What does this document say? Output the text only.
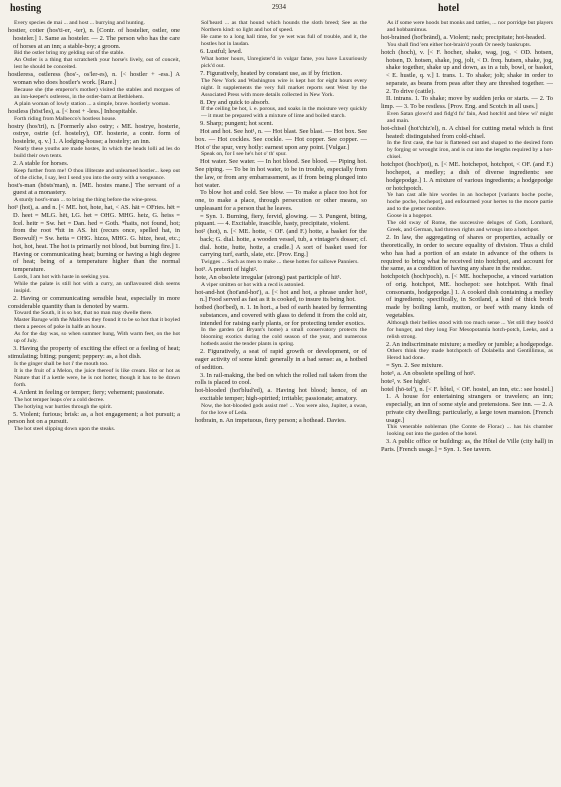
hosting	2934	hotel

Every species de mai ... and host ... burrying and hunting.

hostier, cotier (hos'ti-er, -ter), n. [Contr. of hostelier, ostler, one hosteler.] 1. Same as hosteler. — 2. The person who has the care of horses at an inn; a stable-boy; a groom.

Bid the ostler bring my gelding out of the stable.

An Ostler is a thing that scratcheth your horse's lively, out of conceit, lest he should be conceited.

hostleress, ostleress (hos'-, os'ler-es), n. [< hostler + -ess.] A woman who does hostler's work. [Rare.]

Because she (the emperor's mother) visited the stables and morgues of an inn-keeper's ostleress, in the ostler-barn at Bethlehem.

A plain woman of lowly station ... a simple, brave. hostlerly woman.

hostless (hōst'les), a. [< host + -less.] Inhospitable.

Forth riding from Malbecco's hostless house.

hostry (hos'tri), n. [Formerly also ostry; ‹ ME. hostrye, hosterie, ostrye, ostrie (cf. hostelry), OF. hosterie, a contr. form of hostelrie, q. v.] 1. A lodging-house; a hostelry; an inn.

Nearly these youths are made hostes, In which the heads lolli ad les do build their own tents.

2. A stable for horses.

Keep further from me! O thou illiterate and unlearned hostler... keep out of the cliche, I say, lest I send you into the ostry with a vengeance.

host's-man (hōsts'man), n. [ME. hostes mane.] The servant of a guest at a monastery.

A sturdy host's-man ... to bring the thing before the wine-press.

hot¹ (hot), a. and n. [< ME. hot, hote, hat, < AS. hāt = OFries. hēt = D. heet = MLG. hēt, LG. het = OHG. MHG. heiz, G. heiss = Icel. heitr = Sw. het = Dan. hed = Goth. *haits, not found, hot; from the root *hit in AS. hit (recurs once, spelled hat, in Beowulf) = Sw. hetta = OHG. hizza, MHG. G. hitze, heat, etc.; hot, hot, heat. The hot is primarily not blood, but burning fire.] 1. Having or communicating heat; burning or having a high degree of heat; being of a temperature higher than the normal temperature.

Lords, I am hot with haste in seeking you.

While the palate is still hot with a curry, an unflavoured dish seems insipid.

2. Having or communicating sensible heat, especially in more considerable quantity than is denoted by warm.

Toward the South, it is so hot, that no man may dwelle there.

Master Baruge with the Maldives they found it to be so hot that it boyled them a peeces of poke in halfe an houre.

As for the day was, so when summer hung, With warm feet, on the hot up of July.

3. Having the property of exciting the effect or a feeling of heat; stimulating; biting; pungent; peppery: as, a hot dish.

Is the ginger shall be hot i' the mouth too.

It is the fruit of a Melon, the juice thereof is like cream. Hot or hot as Nature that if a kettle were, he is not hotter, though it has to be drawn forth.

4. Ardent in feeling or temper; fiery; vehement; passionate.

The hot temper leaps o'er a cold decree.

The hotlying war hurtles through the spirit.

5. Violent; furious; brisk: as, a hot engagement; a hot pursuit; a person hot on a pursuit.

The hot steel slipping down upon the steaks.

Sol'heard ... as that hound which hounds the sloth breed; See as the Northern kind: so light and hot of speed.

He came to a long hall time, for ye wet was full of trouble, and it, the hostles hot in laudan.

6. Lustful; lewd.

What hotter hours, Unregister'd in vulgar fame, you have Luxuriously pick'd out.

7. Figuratively, heated by constant use, as if by friction.

The New York and Washington wire is kept hot for eight hours every night. It supplements the very full market reports sent West by the Associated Press with more details collected in New York.

8. Dry and quick to absorb.

If the ceiling be hot, i. e. porous, and soaks in the moisture very quickly — it must be prepared with a mixture of lime and boiled starch.

9. Sharp; pungent; hot scent.

Hot and hot. See hot¹, n. — Hot blast. See blast. — Hot box. See box. — Hot cockles. See cockle. — Hot copper. See copper. — Hot o' the spur, very hotly: earnest upon any point. [Vulgar.]

Speak on, for I see he's hot o' th' spur.

Hot water. See water. — In hot blood. See blood. — Piping hot. See piping. — To be in hot water, to be in trouble, especially from the law, or from any embarrassment, as if from being plunged into hot water.

To blow hot and cold. See blow. — To make a place too hot for one, to make a place, through persecution or other means, so unpleasant for a person that he leaves.

= Syn. 1. Burning, fiery, fervid, glowing. — 3. Pungent, biting, piquant. — 4. Excitable, irascible, hasty, precipitate, violent.

hot² (hot), n. [< ME. hotte, < OF. (and F.) hotte, a basket for the back; G. dial. hotte, a wooden vessel, tub, a vintager's dosser; cf. dial. hotte, hutte, hotte, a cradle.] A sort of basket used for carrying turf, earth, slate, etc. [Prov. Eng.]

Twigges ... Such as men to make ... these hottes for sallowe Panniers.

hot³. A preterit of hight².

hote, An obsolete irregular (strong) past participle of hit¹.

A viper smitten or hot with a recd is astonied.

hot-and-hot (hot'and-hot'), a. [< hot and hot, a phrase under hot¹, n.] Food served as fast as it is cooked, to insure its being hot.

hotbed (hot'bed), n. 1. In hort., a bed of earth heated by fermenting substances, and covered with glass to defend it from the cold air, intended for raising early plants, or for protecting tender exotics.

In the garden (at Bryant's home) a small conservatory protects the blooming exotics during the cold season of the year, and numerous hotbeds assist the tender plants in spring.

2. Figuratively, a seat of rapid growth or development, or of eager activity of some kind: generally in a bad sense: as, a hotbed of sedition.

3. In rail-making, the bed on which the rolled rail taken from the rolls is placed to cool.

hot-blooded (hot'blud'ed), a. Having hot blood; hence, of an excitable temper; high-spirited; irritable; passionate; amatory.

Now, the hot-blooded gods assist me! ... You were also, Jupiter, a swan, for the love of Leda.

hotbrain, n. An impetuous, fiery person; a hothead. Davies.

As if some were hoods but monks and tattles, ... nor porridge but players and hobbamimus.

hot-brained (hot'brānd), a. Violent; rash; precipitate; hot-headed.

You shall find 'em either hot-brain'd youth Or needy bankrupts.

hotch (hoch), v. [< F. hocher, shake, wag, jog, < OD. hotsen, hotsen, D. hotsen, shake, jog, jolt, < D. freq. hutsen, shake, jog, shake together, shake up and down, as in a tub, bowl, or basket, < E. hustle, q. v.] I. trans. 1. To shake; jolt; shake in order to separate, as beans from peas after they are threshed together. — 2. To drive (cattle).

II. intrans. 1. To shake; move by sudden jerks or starts. — 2. To limp. — 3. To be restless. [Prov. Eng. and Scotch in all uses.]

Even Satan glowr'd and fidg'd fu' fain, And hotch'd and blew wi' might and main.

hot-chisel (hot'chiz'el), n. A chisel for cutting metal which is first heated: distinguished from cold-chisel.

In the first case, the bar is flattened out and shaped to the desired form by forging or wrought iron, and is cut into the lengths required by a hot-chisel.

hotchpot (hoch'pot), n. [< ME. hotchepot, hotchpot, < OF. (and F.) hochepot, a medley; a dish of diverse ingredients: see hodgepodge.] 1. A mixture of various ingredients; a hodgepodge or hotchpotch.

Ye han cast alle hire wordes in an hochepot [variants hoche poche, hoche poche, hochepot], and enfourmed your hertes to the moore partie and to the gretter nombre.

Goose in a hogepot.

The old sway of Rome, the successive deluges of Goth, Lombard, Greek, and German, had thrown rights and wrongs into a hotchpot.

2. In law, the aggregating of shares or properties, actually or theoretically, in order to secure equality of division. Thus a child who has had a portion of an estate in advance of the others is required to bring what he received into hotchpot, and account for the same, as a condition of having any share in the residue.

hotchpotch (hoch'poch), n. [< ME. hochepoche, a vinced variation of orig. hotchpot, ME. hochepot: see hotchpot. With final consonants, hodgepodge.] 1. A cooked dish containing a medley of ingredients; specifically, in Scotland, a kind of thick broth made by boiling lamb, mutton, or beef with many kinds of vegetables.

Although their bellies stood with too much sense ... Yet still they book'd for hunger, and they long For Mesopotamia hotch-potch, Leeks, and a relish strong.

2. An indiscriminate mixture; a medley or jumble; a hodgepodge.

Others think they made hotchpotch of Dolabella and Gentillimus, as Herod had done.

= Syn. 2. See mixture.

hote¹, a. An obsolete spelling of hot¹.

hote², v. See hight².

hotel (hō-tel'), n. [< F. hôtel, < OF. hostel, an inn, etc.: see hostel.] 1. A house for entertaining strangers or travelers; an inn; especially, an inn of some style and pretensions. See inn. — 2. A private city dwelling; particularly, a large town mansion. [French usage.]

This venerable nobleman (the Comte de Florac) ... has his chamber looking out into the garden of the hotel.

3. A public office or building: as, the Hôtel de Ville (city hall) in Paris. [French usage.] = Syn. 1. See tavern.
